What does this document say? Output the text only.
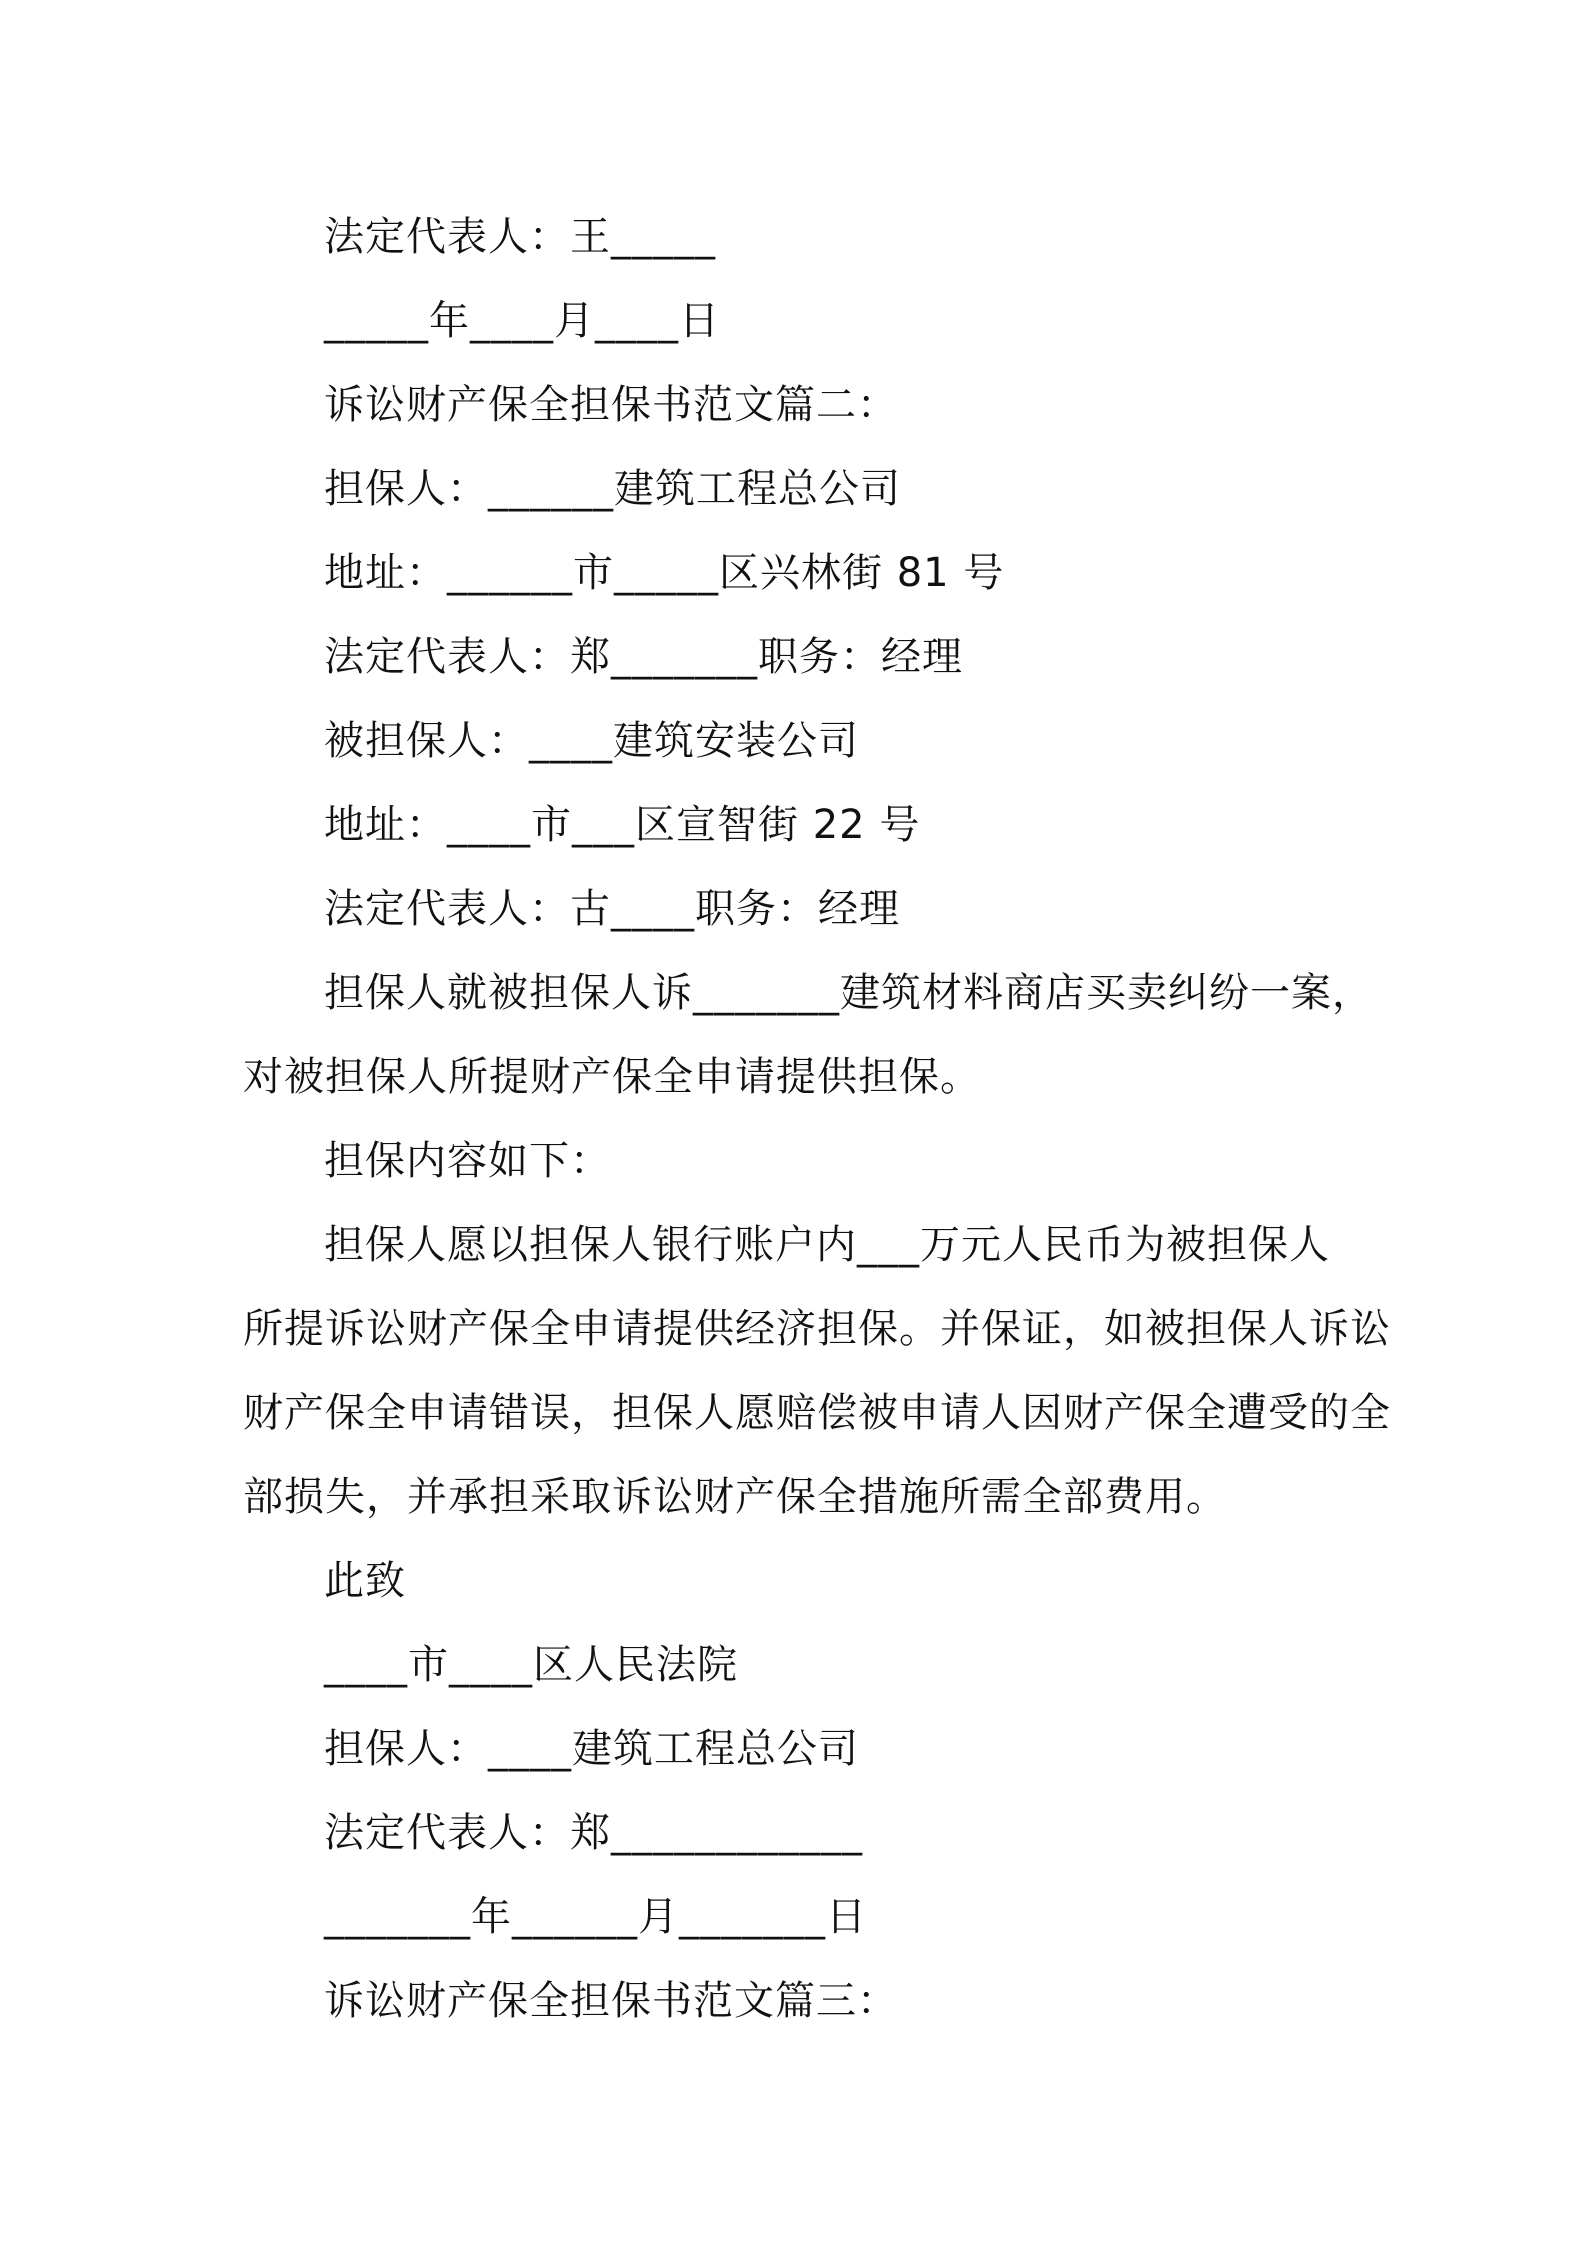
法定代表人：王_____
_____年____月____日
诉讼财产保全担保书范文篇二：
担保人：______建筑工程总公司
地址：______市_____区兴林街 81 号
法定代表人：郑_______职务：经理
被担保人：____建筑安装公司
地址：____市___区宣智街 22 号
法定代表人：古____职务：经理
担保人就被担保人诉_______建筑材料商店买卖纠纷一案，
对被担保人所提财产保全申请提供担保。
担保内容如下：
担保人愿以担保人银行账户内___万元人民币为被担保人
所提诉讼财产保全申请提供经济担保。并保证，如被担保人诉讼
财产保全申请错误，担保人愿赔偿被申请人因财产保全遭受的全
部损失，并承担采取诉讼财产保全措施所需全部费用。
此致
____市____区人民法院
担保人：____建筑工程总公司
法定代表人：郑____________
_______年______月_______日
诉讼财产保全担保书范文篇三：
